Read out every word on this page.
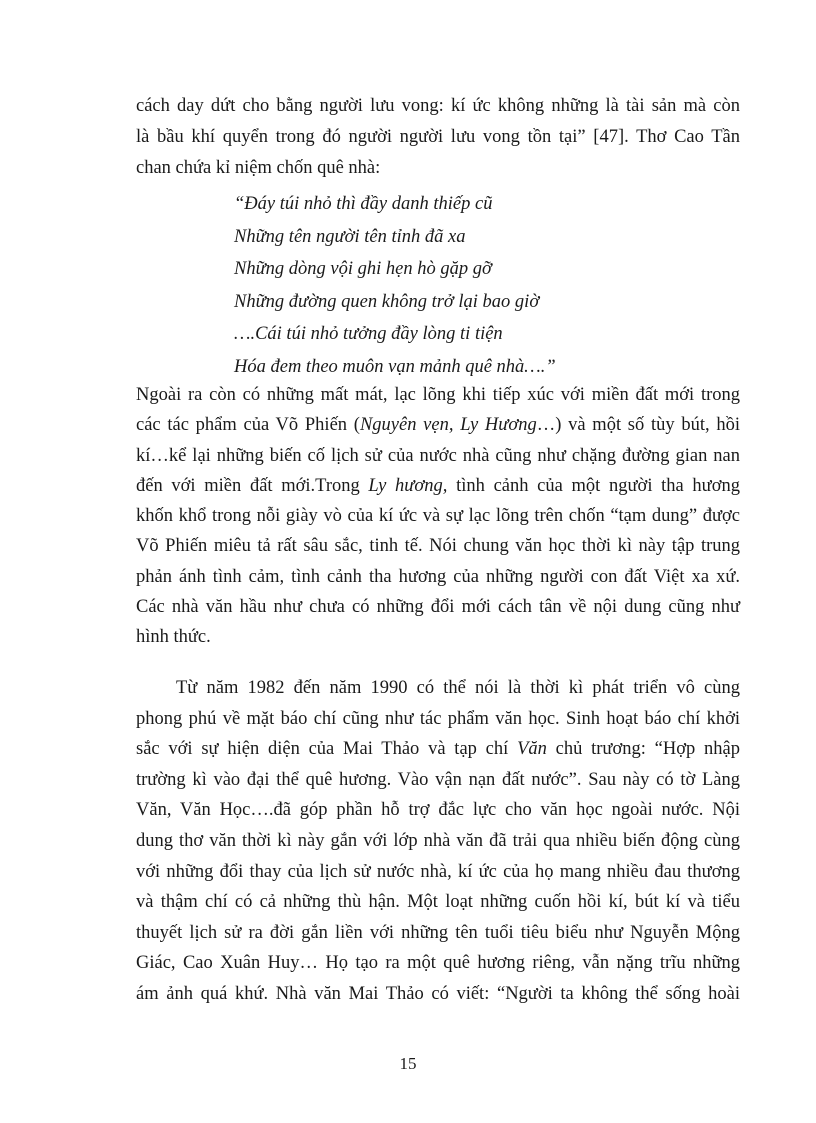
cách day dứt cho bằng người lưu vong: kí ức không những là tài sản mà còn
là bầu khí quyển trong đó người người lưu vong tồn tại” [47]. Thơ Cao Tần
chan chứa kỉ niệm chốn quê nhà:
“Đáy túi nhỏ thì đầy danh thiếp cũ
Những tên người tên tỉnh đã xa
Những dòng vội ghi hẹn hò gặp gỡ
Những đường quen không trở lại bao giờ
….Cái túi nhỏ tưởng đầy lòng ti tiện
Hóa đem theo muôn vạn mảnh quê nhà….”
Ngoài ra còn có những mất mát, lạc lõng khi tiếp xúc với miền đất mới trong
các tác phẩm của Võ Phiến (Nguyên vẹn, Ly Hương…) và một số tùy bút, hồi
kí…kể lại những biến cố lịch sử của nước nhà cũng như chặng đường gian nan
đến với miền đất mới.Trong Ly hương, tình cảnh của một người tha hương
khốn khổ trong nỗi giày vò của kí ức và sự lạc lõng trên chốn “tạm dung” được
Võ Phiến miêu tả rất sâu sắc, tinh tế. Nói chung văn học thời kì này tập trung
phản ánh tình cảm, tình cảnh tha hương của những người con đất Việt xa xứ.
Các nhà văn hầu như chưa có những đổi mới cách tân về nội dung cũng như
hình thức.
Từ năm 1982 đến năm 1990 có thể nói là thời kì phát triển vô cùng
phong phú về mặt báo chí cũng như tác phẩm văn học. Sinh hoạt báo chí khởi
sắc với sự hiện diện của Mai Thảo và tạp chí Văn chủ trương: “Hợp nhập
trường kì vào đại thể quê hương. Vào vận nạn đất nước”. Sau này có tờ Làng
Văn, Văn Học….đã góp phần hỗ trợ đắc lực cho văn học ngoài nước. Nội
dung thơ văn thời kì này gắn với lớp nhà văn đã trải qua nhiều biến động cùng
với những đổi thay của lịch sử nước nhà, kí ức của họ mang nhiều đau thương
và thậm chí có cả những thù hận. Một loạt những cuốn hồi kí, bút kí và tiểu
thuyết lịch sử ra đời gắn liền với những tên tuổi tiêu biểu như Nguyễn Mộng
Giác, Cao Xuân Huy… Họ tạo ra một quê hương riêng, vẫn nặng trĩu những
ám ảnh quá khứ. Nhà văn Mai Thảo có viết: “Người ta không thể sống hoài
15
